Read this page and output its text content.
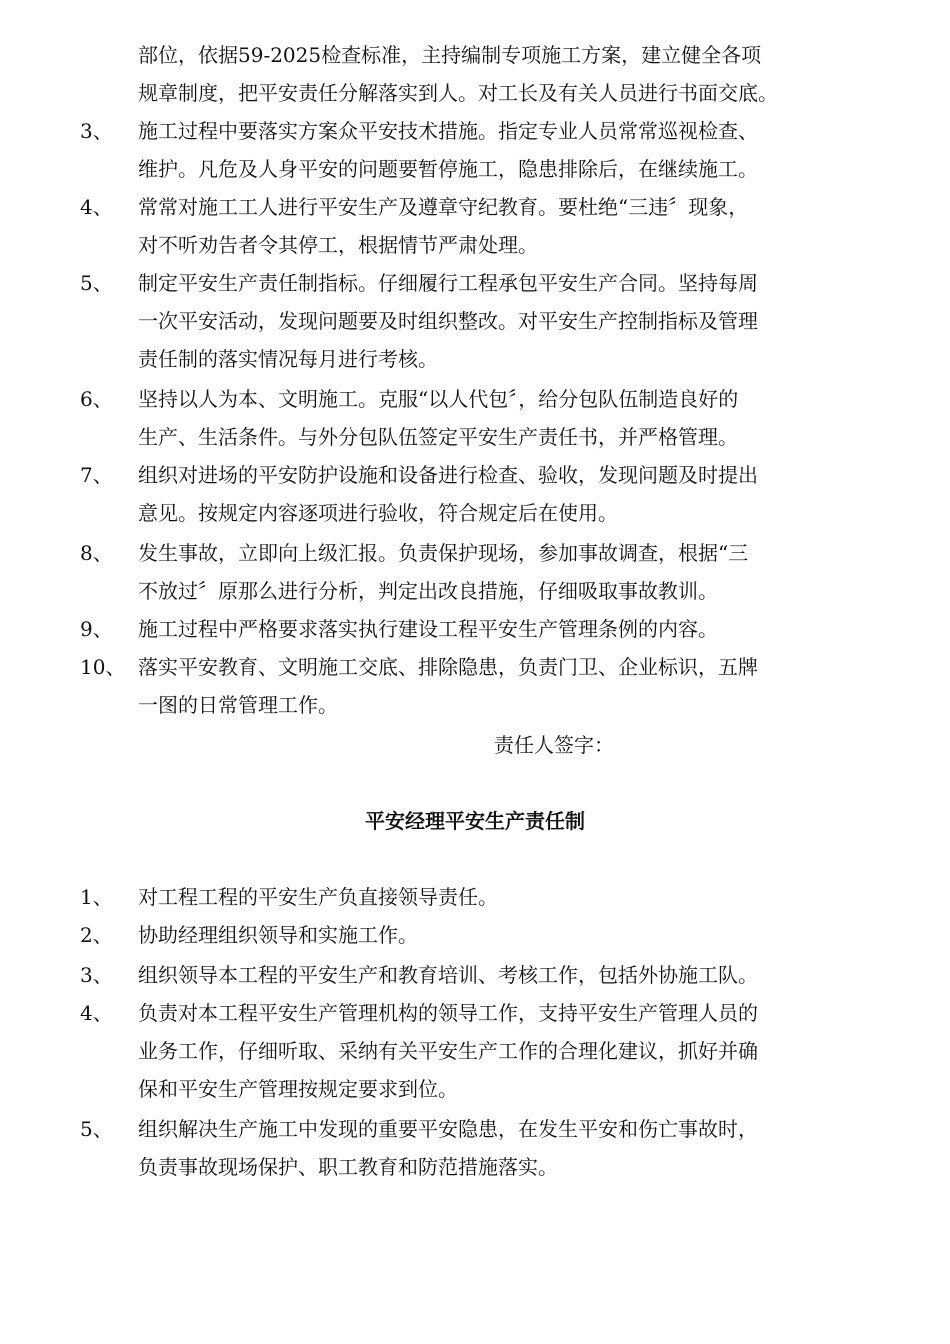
部位，依据59-2025检查标准，主持编制专项施工方案，建立健全各项
规章制度，把平安责任分解落实到人。对工长及有关人员进行书面交底。
3、	施工过程中要落实方案众平安技术措施。指定专业人员常常巡视检查、
维护。凡危及人身平安的问题要暂停施工，隐患排除后，在继续施工。
4、	常常对施工工人进行平安生产及遵章守纪教育。要杜绝“三违〞现象，
对不听劝告者令其停工，根据情节严肃处理。
5、	制定平安生产责任制指标。仔细履行工程承包平安生产合同。坚持每周
一次平安活动，发现问题要及时组织整改。对平安生产控制指标及管理
责任制的落实情况每月进行考核。
6、	坚持以人为本、文明施工。克服“以人代包〞，给分包队伍制造良好的
生产、生活条件。与外分包队伍签定平安生产责任书，并严格管理。
7、	组织对进场的平安防护设施和设备进行检查、验收，发现问题及时提出
意见。按规定内容逐项进行验收，符合规定后在使用。
8、	发生事故，立即向上级汇报。负责保护现场，参加事故调查，根据“三
不放过〞原那么进行分析，判定出改良措施，仔细吸取事故教训。
9、	施工过程中严格要求落实执行建设工程平安生产管理条例的内容。
10、 落实平安教育、文明施工交底、排除隐患，负责门卫、企业标识，五牌
一图的日常管理工作。
责任人签字：
平安经理平安生产责任制
1、	对工程工程的平安生产负直接领导责任。
2、	协助经理组织领导和实施工作。
3、	组织领导本工程的平安生产和教育培训、考核工作，包括外协施工队。
4、	负责对本工程平安生产管理机构的领导工作，支持平安生产管理人员的
业务工作，仔细听取、采纳有关平安生产工作的合理化建议，抓好并确
保和平安生产管理按规定要求到位。
5、	组织解决生产施工中发现的重要平安隐患，在发生平安和伤亡事故时，
负责事故现场保护、职工教育和防范措施落实。
